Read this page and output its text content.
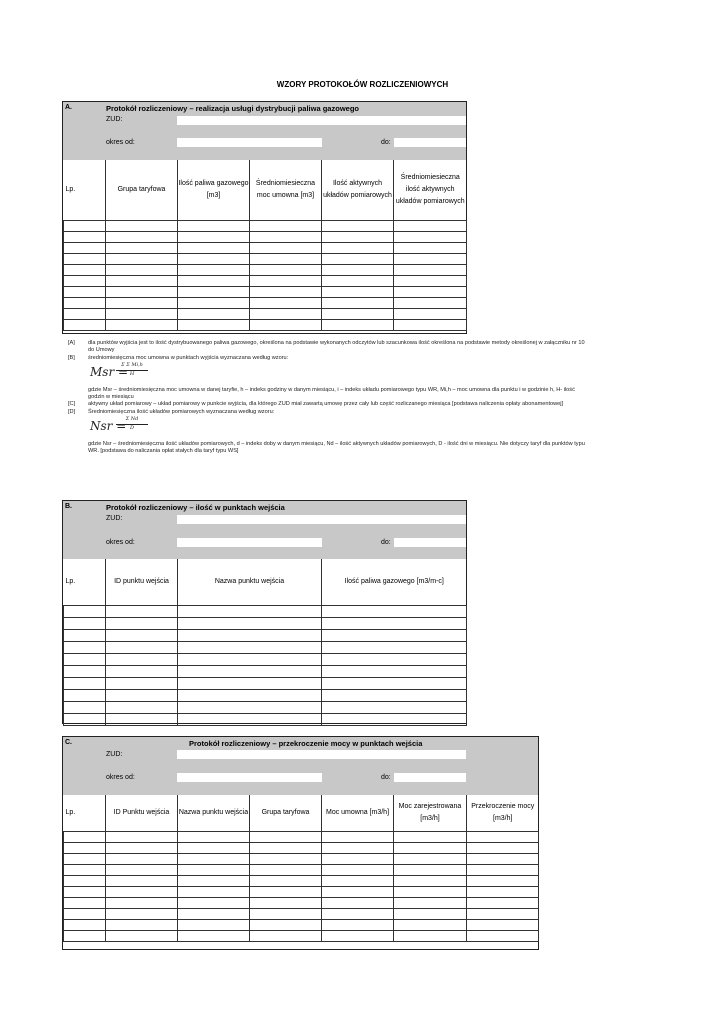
WZORY PROTOKOŁÓW ROZLICZENIOWYCH
A.	Protokół rozliczeniowy – realizacja usługi dystrybucji paliwa gazowego
ZUD:
okres od:	do:
Lp.	Grupa taryfowa	Ilość paliwa gazowego [m3]	Średniomiesieczna moc umowna [m3]	Ilość aktywnych układów pomiarowych	Średniomiesieczna ilość aktywnych układów pomiarowych

[A] dla punktów wyjścia jest to ilość dystrybuowanego paliwa gazowego, określona na podstawie wykonanych odczytów lub szacunkowa ilość określona na podstawie metody określonej w załączniku nr 10 do Umowy
[B] średniomiesięczna moc umowna w punktach wyjścia wyznaczana według wzoru:
Msr =
$\frac{\text{Σ Σ Mi,h}}{H}$
gdzie Msr – średniomiesięczna moc umowna w danej taryfie, h – indeks godziny w danym miesiącu, i – indeks układu pomiarowego typu WR, Mi,h – moc umowna dla punktu i w godzinie h, H- ilość godzin w miesiącu
[C] aktywny układ pomiarowy – układ pomiarowy w punkcie wyjścia, dla którego ZUD miał zawartą umowę przez cały lub część rozliczanego miesiąca [podstawa naliczenia opłaty abonamentowej]
[D] Średniomiesięczna ilość układów pomiarowych wyznaczana według wzoru:
Nsr =
$\frac{\text{Σ Nd}}{D}$
gdzie Nsr – średniomiesięczna ilość układów pomiarowych, d – indeks doby w danym miesiącu, Nd – ilość aktywnych układów pomiarowych, D - ilość dni w miesiącu. Nie dotyczy taryf dla punktów typu WR. [podstawa do naliczania opłat stałych dla taryf typu WS]
B.	Protokół rozliczeniowy – ilość w punktach wejścia
ZUD:
okres od:	do:
Lp.	ID punktu wejścia	Nazwa punktu wejścia	Ilość paliwa gazowego [m3/m-c]

C.	Protokół rozliczeniowy – przekroczenie mocy w punktach wejścia
ZUD:
okres od:	do:
Lp.	ID Punktu wejścia	Nazwa punktu wejścia	Grupa taryfowa	Moc umowna [m3/h]	Moc zarejestrowana [m3/h]	Przekroczenie mocy [m3/h]
